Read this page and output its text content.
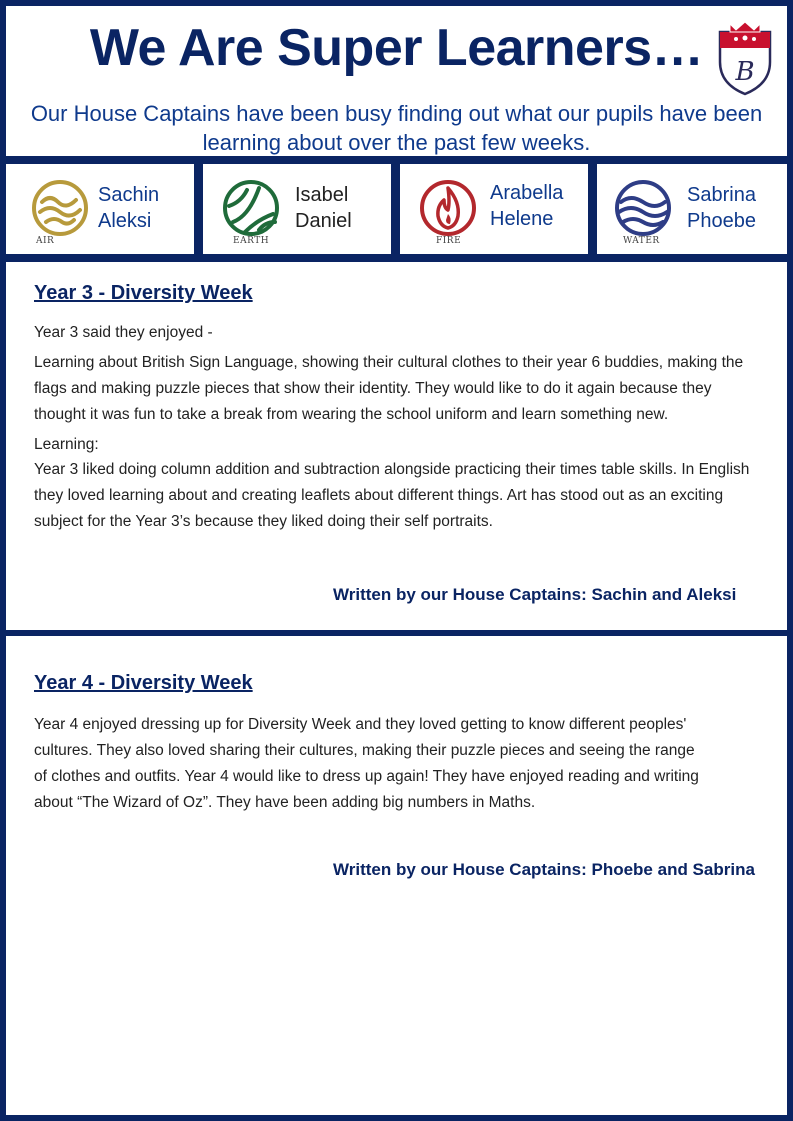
We Are Super Learners…

Our House Captains have been busy finding out what our pupils have been learning about over the past few weeks.

B
AIR
Sachin
Aleksi
EARTH
Isabel
Daniel
FIRE
Arabella
Helene
WATER
Sabrina
Phoebe
Year 3 - Diversity Week

Year 3 said they enjoyed -

Learning about British Sign Language, showing their cultural clothes to their year 6 buddies, making the flags and making puzzle pieces that show their identity. They would like to do it again because they thought it was fun to take a break from wearing the school uniform and learn something new.

Learning:

Year 3 liked doing column addition and subtraction alongside practicing their times table skills. In English they loved learning about and creating leaflets about different things. Art has stood out as an exciting subject for the Year 3’s because they liked doing their self portraits.

Written by our House Captains: Sachin and Aleksi

Year 4 - Diversity Week

Year 4 enjoyed dressing up for Diversity Week and they loved getting to know different peoples' cultures. They also loved sharing their cultures, making their puzzle pieces and seeing the range of clothes and outfits. Year 4 would like to dress up again! They have enjoyed reading and writing about “The Wizard of Oz”. They have been adding big numbers in Maths.

Written by our House Captains: Phoebe and Sabrina
